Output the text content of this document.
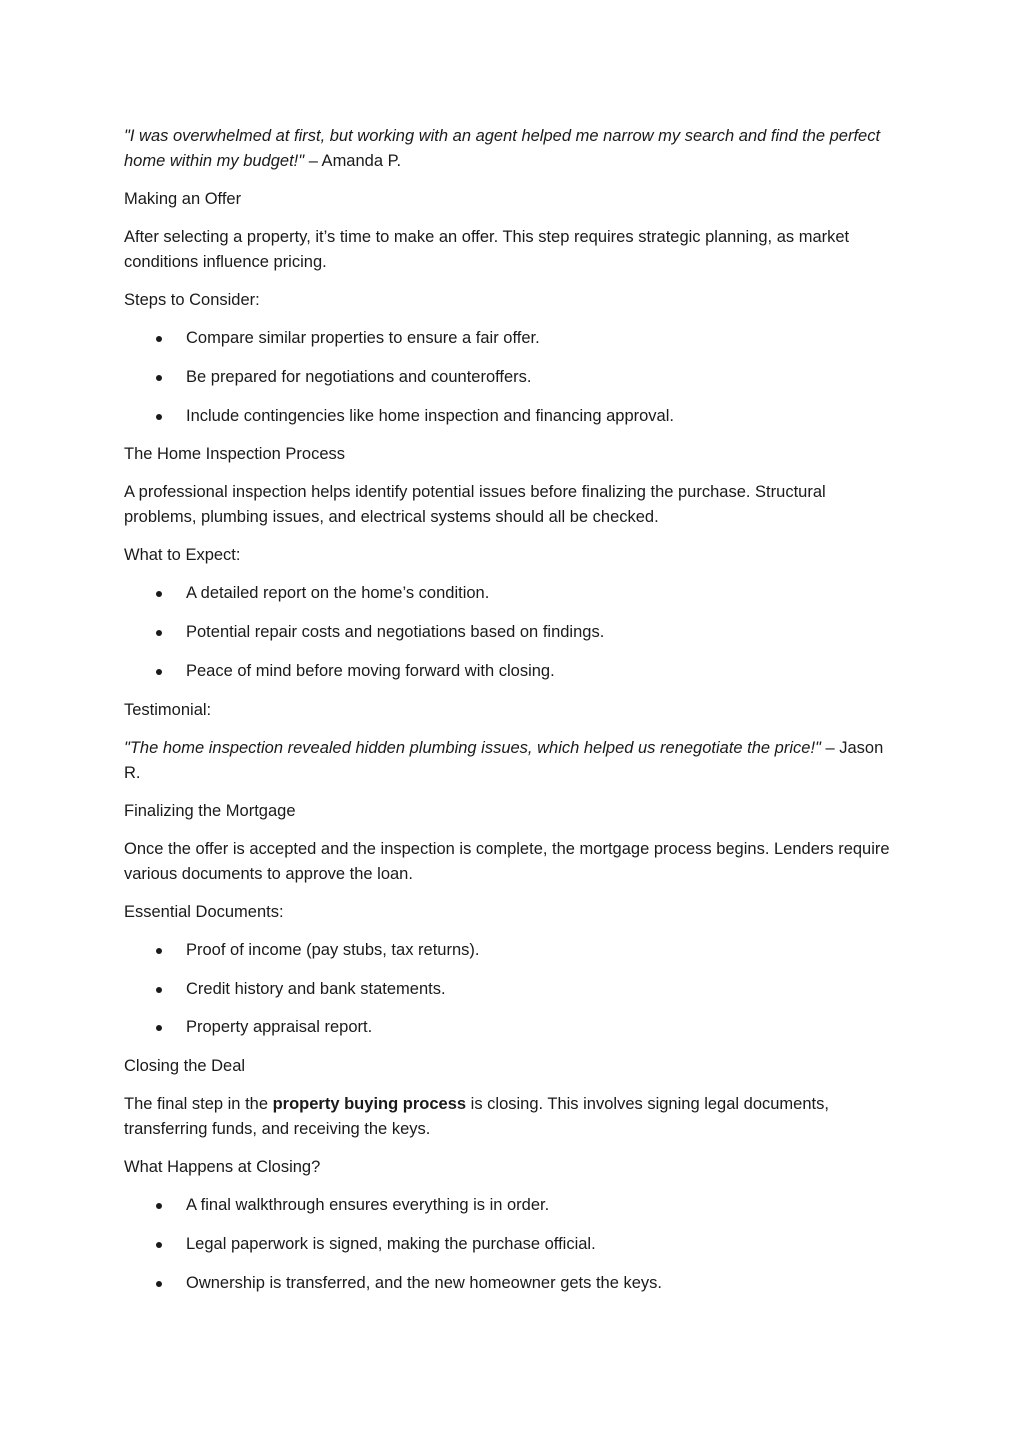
"I was overwhelmed at first, but working with an agent helped me narrow my search and find the perfect home within my budget!" – Amanda P.

Making an Offer

After selecting a property, it’s time to make an offer. This step requires strategic planning, as market conditions influence pricing.

Steps to Consider:

Compare similar properties to ensure a fair offer.
Be prepared for negotiations and counteroffers.
Include contingencies like home inspection and financing approval.

The Home Inspection Process

A professional inspection helps identify potential issues before finalizing the purchase. Structural problems, plumbing issues, and electrical systems should all be checked.

What to Expect:

A detailed report on the home’s condition.
Potential repair costs and negotiations based on findings.
Peace of mind before moving forward with closing.

Testimonial:

"The home inspection revealed hidden plumbing issues, which helped us renegotiate the price!" – Jason R.

Finalizing the Mortgage

Once the offer is accepted and the inspection is complete, the mortgage process begins. Lenders require various documents to approve the loan.

Essential Documents:

Proof of income (pay stubs, tax returns).
Credit history and bank statements.
Property appraisal report.

Closing the Deal

The final step in the property buying process is closing. This involves signing legal documents, transferring funds, and receiving the keys.

What Happens at Closing?

A final walkthrough ensures everything is in order.
Legal paperwork is signed, making the purchase official.
Ownership is transferred, and the new homeowner gets the keys.
